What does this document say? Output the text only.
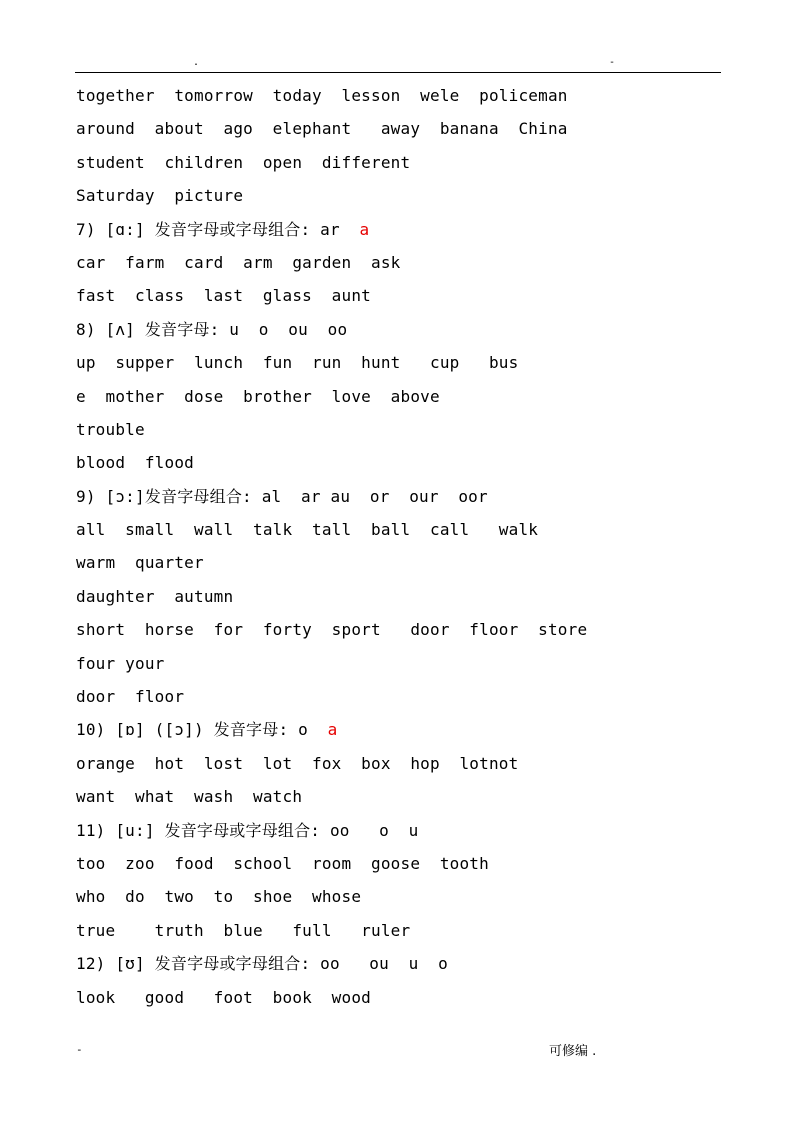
.	-
together  tomorrow  today  lesson  wele  policeman
around  about  ago  elephant   away  banana  China
student  children  open  different
Saturday  picture
7) [ɑ:] 发音字母或字母组合: ar  a
car  farm  card  arm  garden  ask
fast  class  last  glass  aunt
8) [ʌ] 发音字母: u  o  ou  oo
up  supper  lunch  fun  run  hunt   cup   bus
e  mother  dose  brother  love  above
trouble
blood  flood
9) [ɔ:]发音字母组合: al  ar au  or  our  oor
all  small  wall  talk  tall  ball  call   walk
warm  quarter
daughter  autumn
short  horse  for  forty  sport   door  floor  store
four your
door  floor
10) [ɒ] ([ɔ]) 发音字母: o  a
orange  hot  lost  lot  fox  box  hop  lotnot
want  what  wash  watch
11) [u:] 发音字母或字母组合: oo   o  u
too  zoo  food  school  room  goose  tooth
who  do  two  to  shoe  whose
true    truth  blue   full   ruler
12) [ʊ] 发音字母或字母组合: oo   ou  u  o
look   good   foot  book  wood
-	可修编 .
